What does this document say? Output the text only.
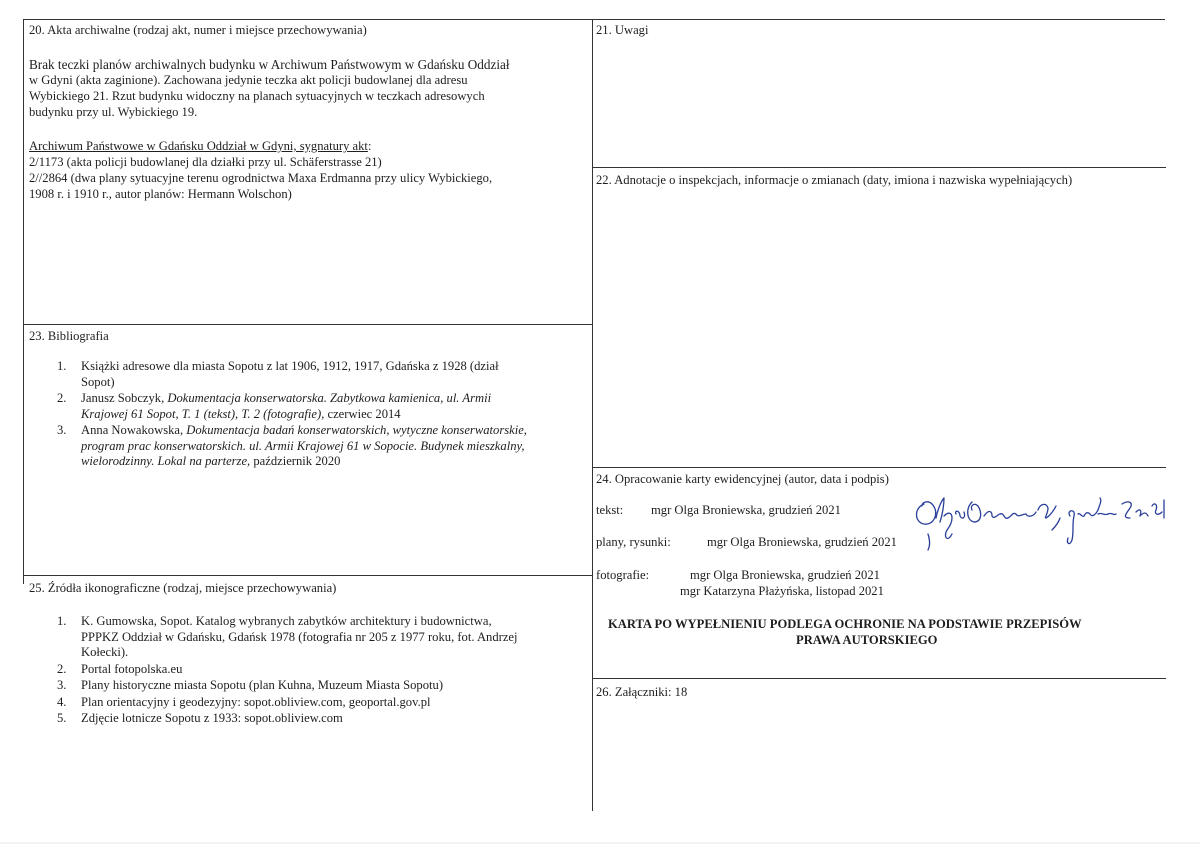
20. Akta archiwalne (rodzaj akt, numer i miejsce przechowywania)
Brak teczki planów archiwalnych budynku w Archiwum Państwowym w Gdańsku Oddział
w Gdyni (akta zaginione). Zachowana jedynie teczka akt policji budowlanej dla adresu
Wybickiego 21. Rzut budynku widoczny na planach sytuacyjnych w teczkach adresowych
budynku przy ul. Wybickiego 19.
Archiwum Państwowe w Gdańsku Oddział w Gdyni, sygnatury akt:
2/1173 (akta policji budowlanej dla działki przy ul. Schäferstrasse 21)
2//2864 (dwa plany sytuacyjne terenu ogrodnictwa Maxa Erdmanna przy ulicy Wybickiego,
1908 r. i 1910 r., autor planów: Hermann Wolschon)
21. Uwagi
22. Adnotacje o inspekcjach, informacje o zmianach (daty, imiona i nazwiska wypełniających)
23. Bibliografia
1. Książki adresowe dla miasta Sopotu z lat 1906, 1912, 1917, Gdańska z 1928 (dział
Sopot)
2. Janusz Sobczyk, Dokumentacja konserwatorska. Zabytkowa kamienica, ul. Armii
Krajowej 61 Sopot, T. 1 (tekst), T. 2 (fotografie), czerwiec 2014
3. Anna Nowakowska, Dokumentacja badań konserwatorskich, wytyczne konserwatorskie,
program prac konserwatorskich. ul. Armii Krajowej 61 w Sopocie. Budynek mieszkalny,
wielorodzinny. Lokal na parterze, październik 2020
24. Opracowanie karty ewidencyjnej (autor, data i podpis)
tekst: mgr Olga Broniewska, grudzień 2021
plany, rysunki:	mgr Olga Broniewska, grudzień 2021
fotografie:	mgr Olga Broniewska, grudzień 2021
mgr Katarzyna Płażyńska, listopad 2021
KARTA PO WYPEŁNIENIU PODLEGA OCHRONIE NA PODSTAWIE PRZEPISÓW
PRAWA AUTORSKIEGO
25. Źródła ikonograficzne (rodzaj, miejsce przechowywania)
1. K. Gumowska, Sopot. Katalog wybranych zabytków architektury i budownictwa,
PPPKZ Oddział w Gdańsku, Gdańsk 1978 (fotografia nr 205 z 1977 roku, fot. Andrzej
Kołecki).
2. Portal fotopolska.eu
3. Plany historyczne miasta Sopotu (plan Kuhna, Muzeum Miasta Sopotu)
4. Plan orientacyjny i geodezyjny: sopot.obliview.com, geoportal.gov.pl
5. Zdjęcie lotnicze Sopotu z 1933: sopot.obliview.com
26. Załączniki: 18
